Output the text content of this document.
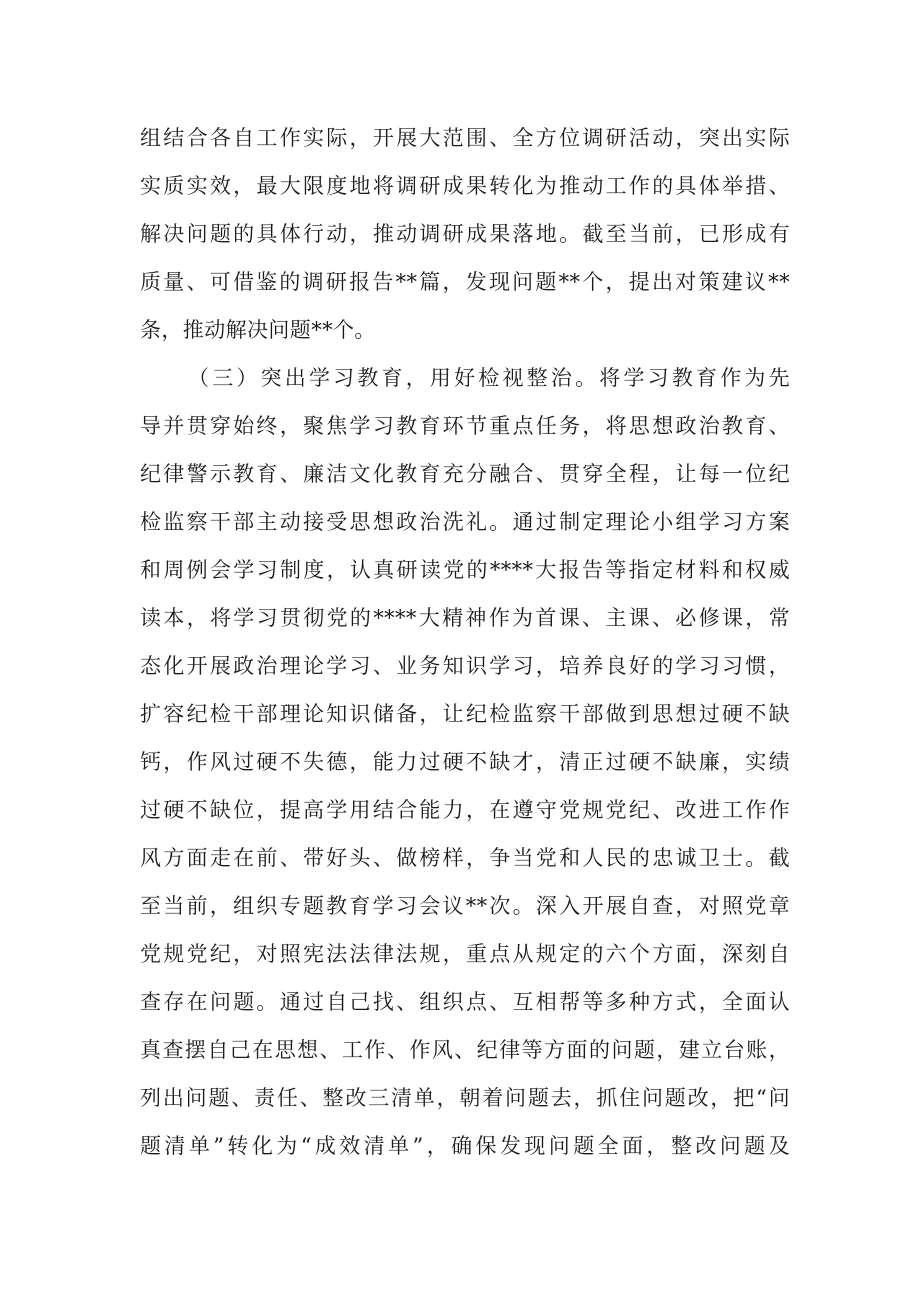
组结合各自工作实际，开展大范围、全方位调研活动，突出实际
实质实效，最大限度地将调研成果转化为推动工作的具体举措、
解决问题的具体行动，推动调研成果落地。截至当前，已形成有
质量、可借鉴的调研报告**篇，发现问题**个，提出对策建议**
条，推动解决问题**个。
（三）突出学习教育，用好检视整治。将学习教育作为先
导并贯穿始终，聚焦学习教育环节重点任务，将思想政治教育、
纪律警示教育、廉洁文化教育充分融合、贯穿全程，让每一位纪
检监察干部主动接受思想政治洗礼。通过制定理论小组学习方案
和周例会学习制度，认真研读党的****大报告等指定材料和权威
读本，将学习贯彻党的****大精神作为首课、主课、必修课，常
态化开展政治理论学习、业务知识学习，培养良好的学习习惯，
扩容纪检干部理论知识储备，让纪检监察干部做到思想过硬不缺
钙，作风过硬不失德，能力过硬不缺才，清正过硬不缺廉，实绩
过硬不缺位，提高学用结合能力，在遵守党规党纪、改进工作作
风方面走在前、带好头、做榜样，争当党和人民的忠诚卫士。截
至当前，组织专题教育学习会议**次。深入开展自查，对照党章
党规党纪，对照宪法法律法规，重点从规定的六个方面，深刻自
查存在问题。通过自己找、组织点、互相帮等多种方式，全面认
真查摆自己在思想、工作、作风、纪律等方面的问题，建立台账，
列出问题、责任、整改三清单，朝着问题去，抓住问题改，把“问
题清单”转化为“成效清单”，确保发现问题全面，整改问题及
